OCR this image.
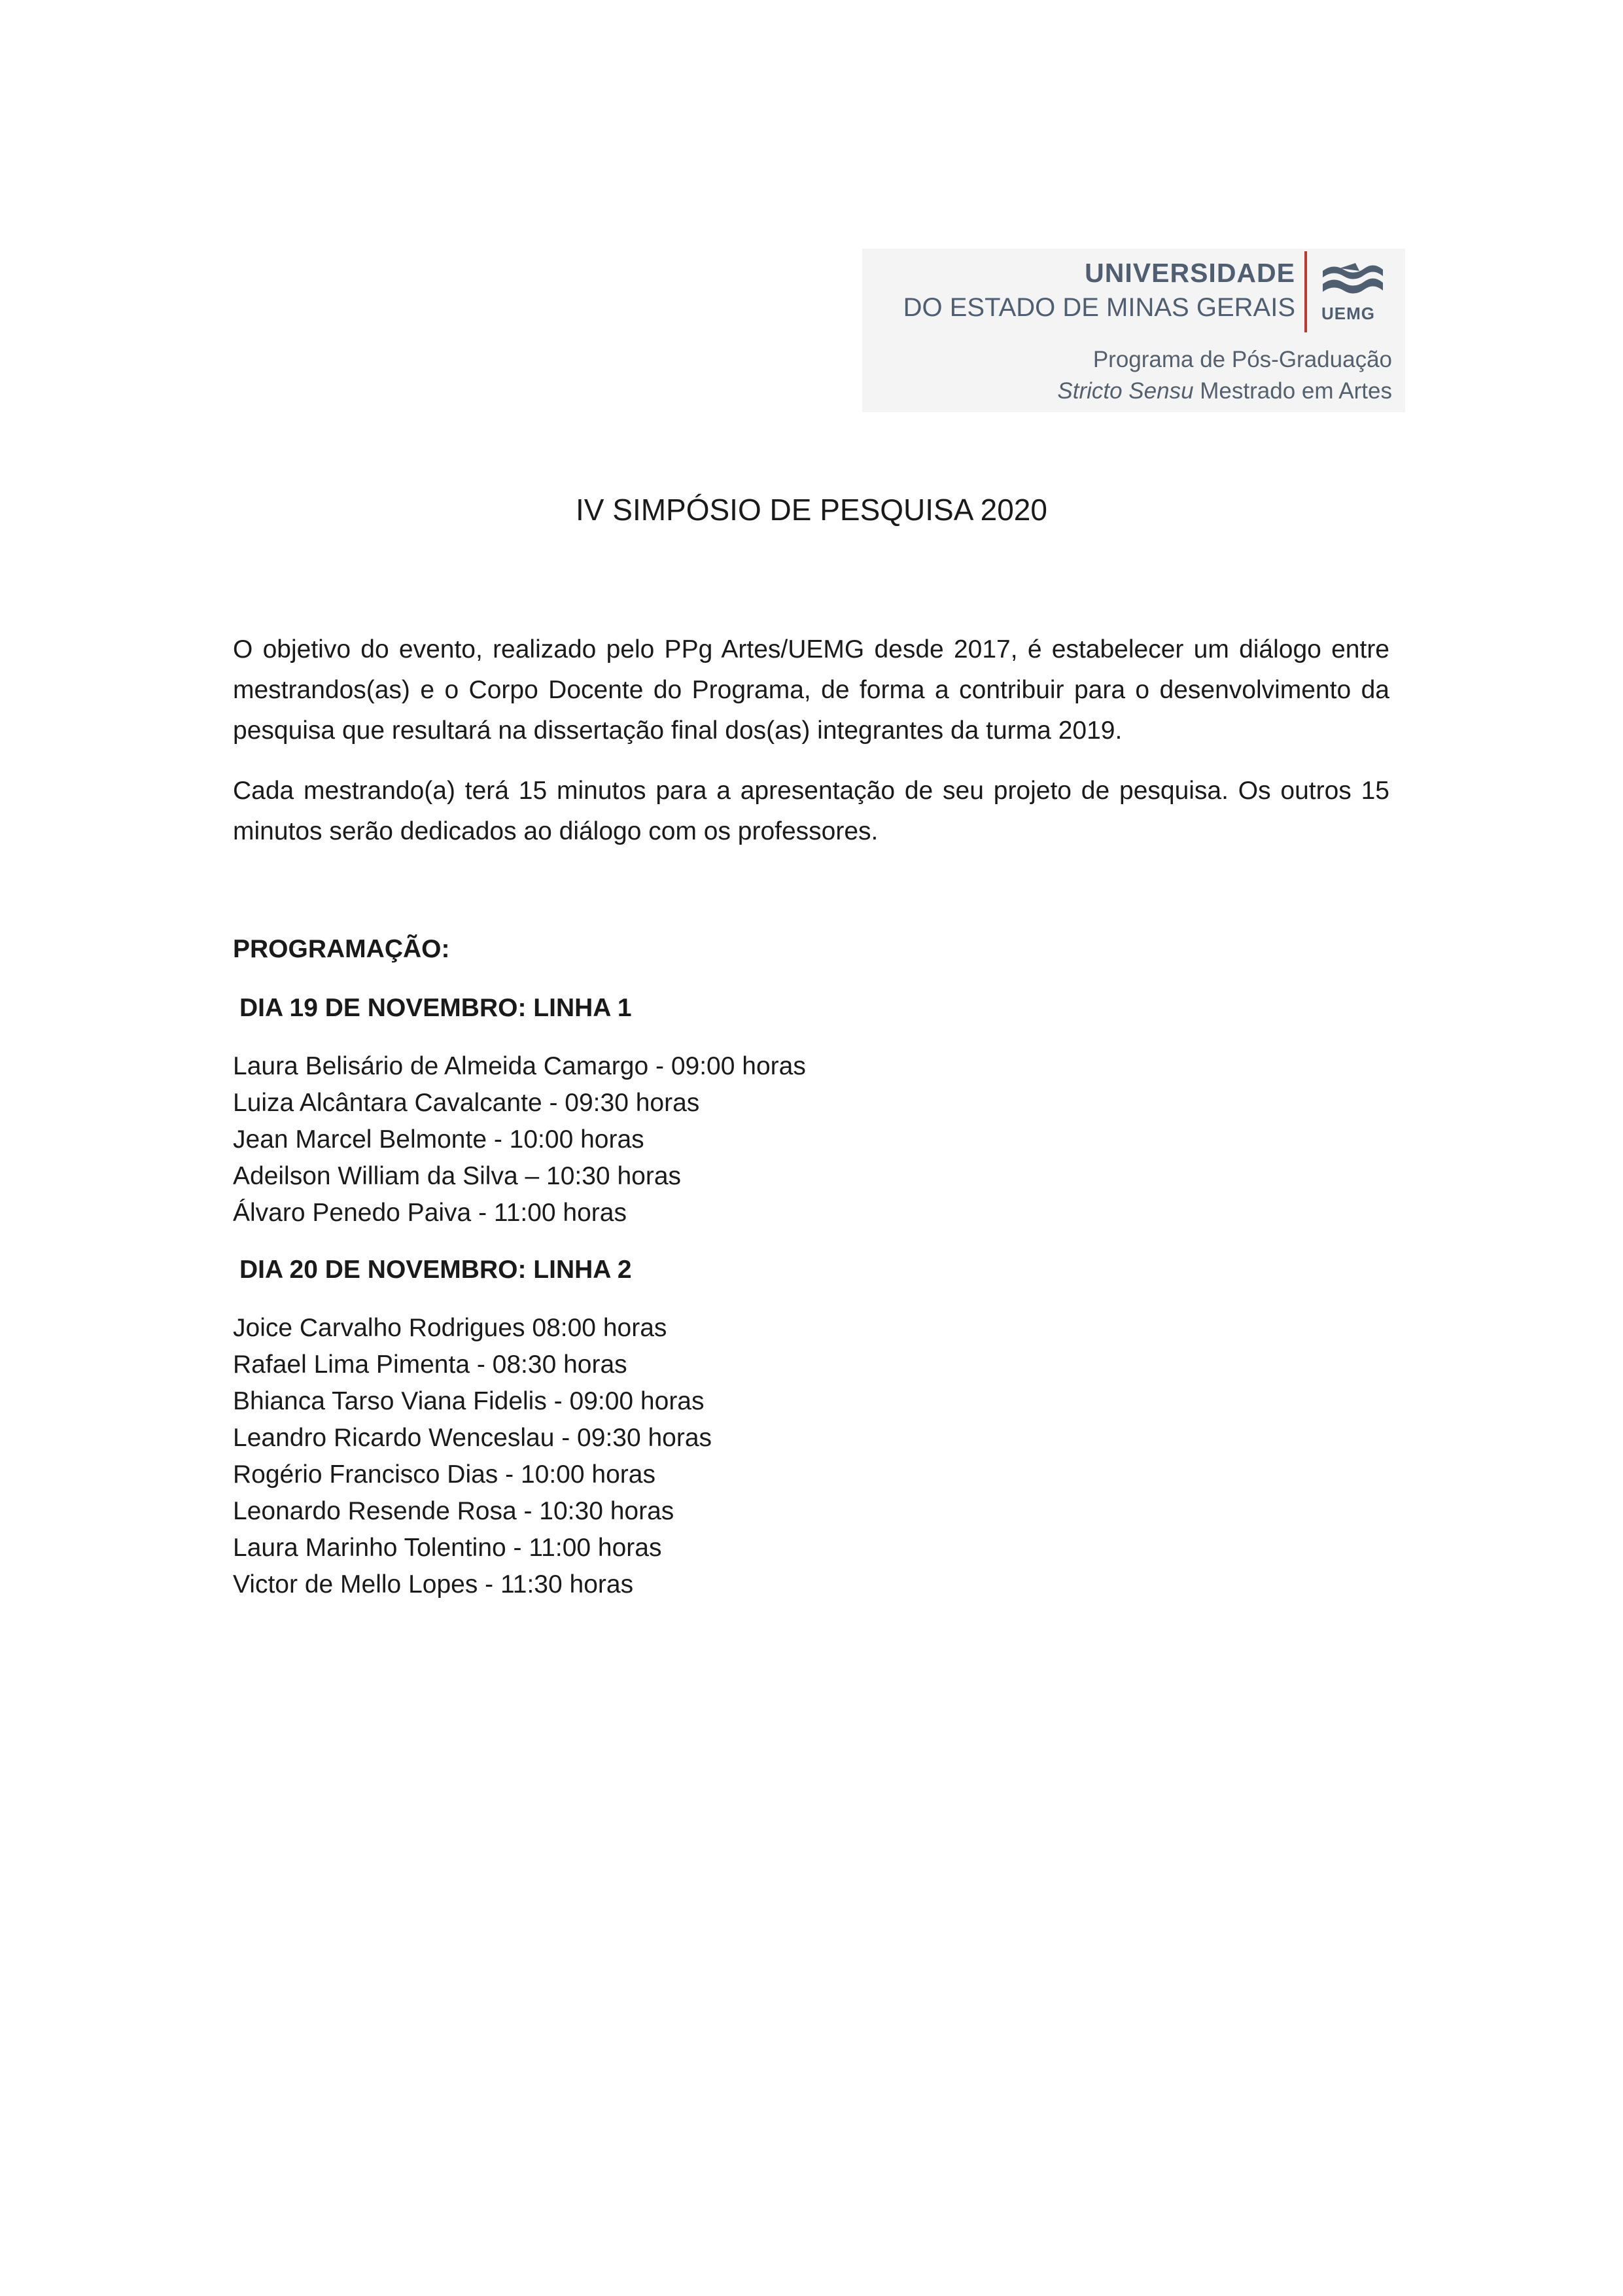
UNIVERSIDADE
DO ESTADO DE MINAS GERAIS UEMG
Programa de Pós-Graduação
Stricto Sensu Mestrado em Artes
IV SIMPÓSIO DE PESQUISA 2020

O objetivo do evento, realizado pelo PPg Artes/UEMG desde 2017, é estabelecer um diálogo entre mestrandos(as) e o Corpo Docente do Programa, de forma a contribuir para o desenvolvimento da pesquisa que resultará na dissertação final dos(as) integrantes da turma 2019.

Cada mestrando(a) terá 15 minutos para a apresentação de seu projeto de pesquisa. Os outros 15 minutos serão dedicados ao diálogo com os professores.

PROGRAMAÇÃO:

DIA 19 DE NOVEMBRO: LINHA 1

Laura Belisário de Almeida Camargo - 09:00 horas
Luiza Alcântara Cavalcante - 09:30 horas
Jean Marcel Belmonte - 10:00 horas
Adeilson William da Silva – 10:30 horas
Álvaro Penedo Paiva - 11:00 horas

DIA 20 DE NOVEMBRO: LINHA 2

Joice Carvalho Rodrigues 08:00 horas
Rafael Lima Pimenta - 08:30 horas
Bhianca Tarso Viana Fidelis - 09:00 horas
Leandro Ricardo Wenceslau - 09:30 horas
Rogério Francisco Dias - 10:00 horas
Leonardo Resende Rosa - 10:30 horas
Laura Marinho Tolentino - 11:00 horas
Victor de Mello Lopes - 11:30 horas
